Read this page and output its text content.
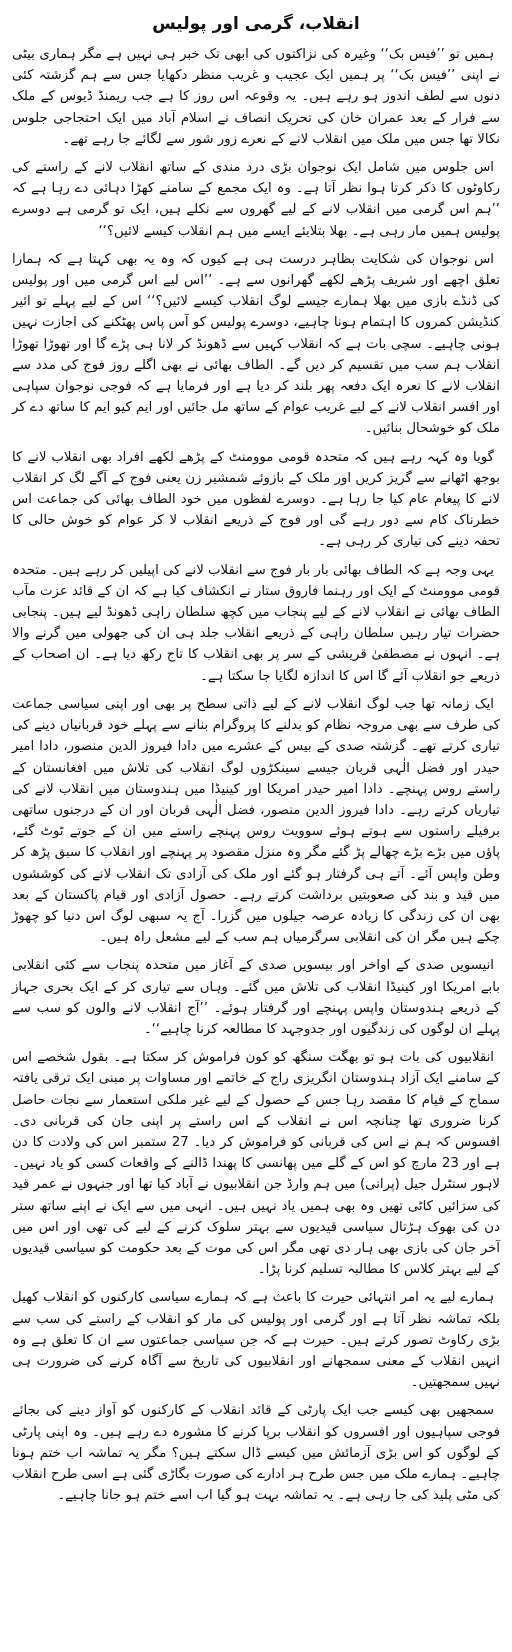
انقلاب، گرمی اور پولیس

ہمیں تو ’’فیس بک‘‘ وغیرہ کی نزاکتوں کی ابھی تک خبر ہی نہیں ہے مگر ہماری بیٹی نے اپنی ’’فیس بک‘‘ پر ہمیں ایک عجیب و غریب منظر دکھایا جس سے ہم گزشتہ کئی دنوں سے لطف اندوز ہو رہے ہیں۔ یہ وقوعہ اس روز کا ہے جب ریمنڈ ڈیوس کے ملک سے فرار کے بعد عمران خان کی تحریک انصاف نے اسلام آباد میں ایک احتجاجی جلوس نکالا تھا جس میں ملک میں انقلاب لانے کے نعرے زور شور سے لگائے جا رہے تھے۔

اس جلوس میں شامل ایک نوجوان بڑی درد مندی کے ساتھ انقلاب لانے کے راستے کی رکاوٹوں کا ذکر کرتا ہوا نظر آتا ہے۔ وہ ایک مجمع کے سامنے کھڑا دہائی دے رہا ہے کہ ’’ہم اس گرمی میں انقلاب لانے کے لیے گھروں سے نکلے ہیں، ایک تو گرمی ہے دوسرے پولیس ہمیں مار رہی ہے۔ بھلا بتلایئے ایسے میں ہم انقلاب کیسے لائیں؟‘‘

اس نوجوان کی شکایت بظاہر درست ہی ہے کیوں کہ وہ یہ بھی کہتا ہے کہ ہمارا تعلق اچھے اور شریف پڑھے لکھے گھرانوں سے ہے۔ ’’اس لیے اس گرمی میں اور پولیس کی ڈنڈے بازی میں بھلا ہمارے جیسے لوگ انقلاب کیسے لائیں؟‘‘ اس کے لیے پہلے تو ائیر کنڈیشن کمروں کا اہتمام ہونا چاہیے، دوسرے پولیس کو آس پاس پھٹکنے کی اجازت نہیں ہونی چاہیے۔ سچی بات ہے کہ انقلاب کہیں سے ڈھونڈ کر لانا ہی پڑے گا اور تھوڑا تھوڑا انقلاب ہم سب میں تقسیم کر دیں گے۔ الطاف بھائی نے بھی اگلے روز فوج کی مدد سے انقلاب لانے کا نعرہ ایک دفعہ پھر بلند کر دیا ہے اور فرمایا ہے کہ فوجی نوجوان سپاہی اور افسر انقلاب لانے کے لیے غریب عوام کے ساتھ مل جائیں اور ایم کیو ایم کا ساتھ دے کر ملک کو خوشحال بنائیں۔

گویا وہ کہہ رہے ہیں کہ متحدہ قومی موومنٹ کے پڑھے لکھے افراد بھی انقلاب لانے کا بوجھ اٹھانے سے گریز کریں اور ملک کے بازوئے شمشیر زن یعنی فوج کے آگے لگ کر انقلاب لانے کا پیغام عام کیا جا رہا ہے۔ دوسرے لفظوں میں خود الطاف بھائی کی جماعت اس خطرناک کام سے دور رہے گی اور فوج کے ذریعے انقلاب لا کر عوام کو خوش حالی کا تحفہ دینے کی تیاری کر رہی ہے۔

یہی وجہ ہے کہ الطاف بھائی بار بار فوج سے انقلاب لانے کی اپیلیں کر رہے ہیں۔ متحدہ قومی موومنٹ کے ایک اور رہنما فاروق ستار نے انکشاف کیا ہے کہ ان کے قائد عزت مآب الطاف بھائی نے انقلاب لانے کے لیے پنجاب میں کچھ سلطان راہی ڈھونڈ لیے ہیں۔ پنجابی حضرات تیار رہیں سلطان راہی کے ذریعے انقلاب جلد ہی ان کی جھولی میں گرنے والا ہے۔ انہوں نے مصطفیٰ قریشی کے سر پر بھی انقلاب کا تاج رکھ دیا ہے۔ ان اصحاب کے ذریعے جو انقلاب آئے گا اس کا اندازہ لگایا جا سکتا ہے۔

ایک زمانہ تھا جب لوگ انقلاب لانے کے لیے ذاتی سطح پر بھی اور اپنی سیاسی جماعت کی طرف سے بھی مروجہ نظام کو بدلنے کا پروگرام بنانے سے پہلے خود قربانیاں دینے کی تیاری کرتے تھے۔ گزشتہ صدی کے بیس کے عشرے میں دادا فیروز الدین منصور، دادا امیر حیدر اور فضل الٰہی قربان جیسے سینکڑوں لوگ انقلاب کی تلاش میں افغانستان کے راستے روس پہنچے۔ دادا امیر حیدر امریکا اور کینیڈا میں ہندوستان میں انقلاب لانے کی تیاریاں کرتے رہے۔ دادا فیروز الدین منصور، فضل الٰہی قربان اور ان کے درجنوں ساتھی برفیلے راستوں سے ہوتے ہوئے سوویت روس پہنچے راستے میں ان کے جوتے ٹوٹ گئے، پاؤں میں بڑے بڑے چھالے پڑ گئے مگر وہ منزل مقصود پر پہنچے اور انقلاب کا سبق پڑھ کر وطن واپس آئے۔ آتے ہی گرفتار ہو گئے اور ملک کی آزادی تک انقلاب لانے کی کوششوں میں قید و بند کی صعوبتیں برداشت کرتے رہے۔ حصول آزادی اور قیام پاکستان کے بعد بھی ان کی زندگی کا زیادہ عرصہ جیلوں میں گزرا۔ آج یہ سبھی لوگ اس دنیا کو چھوڑ چکے ہیں مگر ان کی انقلابی سرگرمیاں ہم سب کے لیے مشعل راہ ہیں۔

انیسویں صدی کے اواخر اور بیسویں صدی کے آغاز میں متحدہ پنجاب سے کئی انقلابی بابے امریکا اور کینیڈا انقلاب کی تلاش میں گئے۔ وہاں سے تیاری کر کے ایک بحری جہاز کے ذریعے ہندوستان واپس پہنچے اور گرفتار ہوئے۔ ’’آج انقلاب لانے والوں کو سب سے پہلے ان لوگوں کی زندگیوں اور جدوجہد کا مطالعہ کرنا چاہیے‘‘۔

انقلابیوں کی بات ہو تو بھگت سنگھ کو کون فراموش کر سکتا ہے۔ بقول شخصے اس کے سامنے ایک آزاد ہندوستان انگریزی راج کے خاتمے اور مساوات پر مبنی ایک ترقی یافتہ سماج کے قیام کا مقصد رہا جس کے حصول کے لیے غیر ملکی استعمار سے نجات حاصل کرنا ضروری تھا چنانچہ اس نے انقلاب کے اس راستے پر اپنی جان کی قربانی دی۔ افسوس کہ ہم نے اس کی قربانی کو فراموش کر دیا۔ 27 ستمبر اس کی ولادت کا دن ہے اور 23 مارچ کو اس کے گلے میں پھانسی کا پھندا ڈالنے کے واقعات کسی کو یاد نہیں۔ لاہور سنٹرل جیل (پرانی) میں ہم وارڈ جن انقلابیوں نے آباد کیا تھا اور جنہوں نے عمر قید کی سزائیں کاٹی تھیں وہ بھی ہمیں یاد نہیں ہیں۔ انہی میں سے ایک نے اپنے ساتھ ستر دن کی بھوک ہڑتال سیاسی قیدیوں سے بہتر سلوک کرنے کے لیے کی تھی اور اس میں آخر جان کی بازی بھی ہار دی تھی مگر اس کی موت کے بعد حکومت کو سیاسی قیدیوں کے لیے بہتر کلاس کا مطالبہ تسلیم کرنا پڑا۔

ہمارے لیے یہ امر انتہائی حیرت کا باعث ہے کہ ہمارے سیاسی کارکنوں کو انقلاب کھیل بلکہ تماشہ نظر آتا ہے اور گرمی اور پولیس کی مار کو انقلاب کے راستے کی سب سے بڑی رکاوٹ تصور کرتے ہیں۔ حیرت ہے کہ جن سیاسی جماعتوں سے ان کا تعلق ہے وہ انہیں انقلاب کے معنی سمجھانے اور انقلابیوں کی تاریخ سے آگاہ کرنے کی ضرورت ہی نہیں سمجھتیں۔

سمجھیں بھی کیسے جب ایک پارٹی کے قائد انقلاب کے کارکنوں کو آواز دینے کی بجائے فوجی سپاہیوں اور افسروں کو انقلاب برپا کرنے کا مشورہ دے رہے ہیں۔ وہ اپنی پارٹی کے لوگوں کو اس بڑی آزمائش میں کیسے ڈال سکتے ہیں؟ مگر یہ تماشہ اب ختم ہونا چاہیے۔ ہمارے ملک میں جس طرح ہر ادارے کی صورت بگاڑی گئی ہے اسی طرح انقلاب کی مٹی پلید کی جا رہی ہے۔ یہ تماشہ بہت ہو گیا اب اسے ختم ہو جانا چاہیے۔
